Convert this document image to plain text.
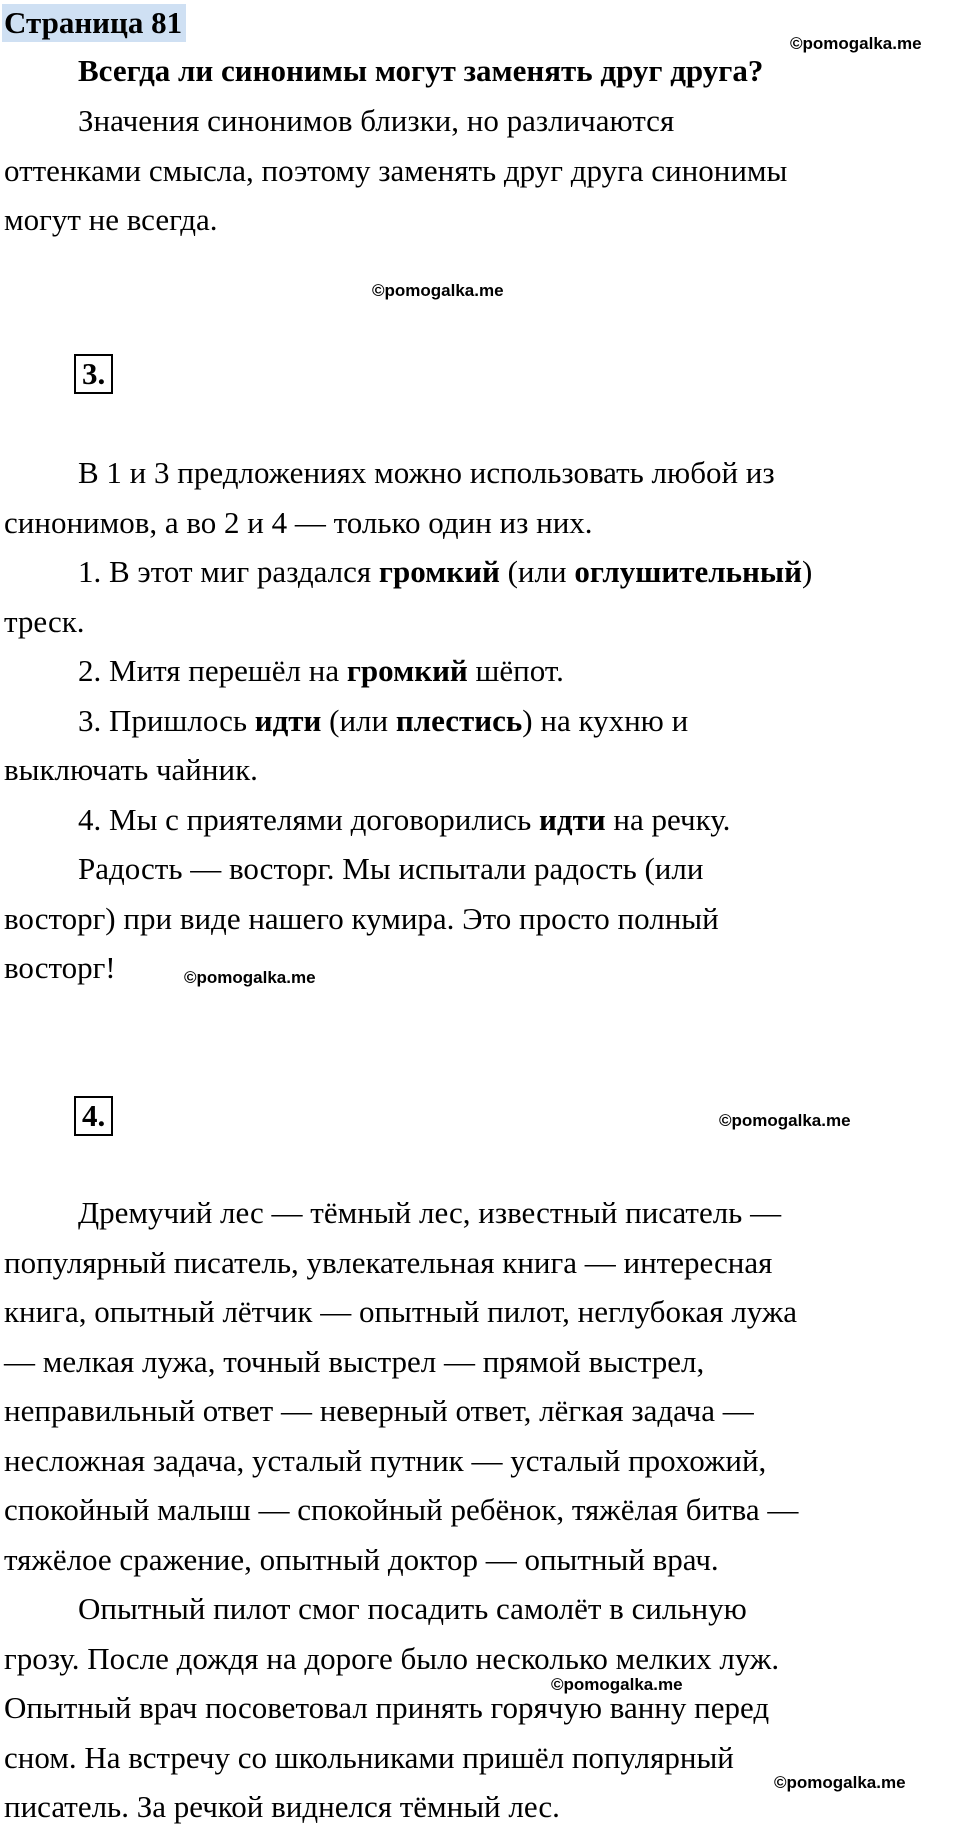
Страница 81
©pomogalka.me

Всегда ли синонимы могут заменять друг друга?

Значения синонимов близки, но различаются
оттенками смысла, поэтому заменять друг друга синонимы
могут не всегда.
©pomogalka.me
3.
В 1 и 3 предложениях можно использовать любой из
синонимов, а во 2 и 4 — только один из них.
1. В этот миг раздался громкий (или оглушительный)
треск.
2. Митя перешёл на громкий шёпот.
3. Пришлось идти (или плестись) на кухню и
выключать чайник.
4. Мы с приятелями договорились идти на речку.
Радость — восторг. Мы испытали радость (или
восторг) при виде нашего кумира. Это просто полный
восторг!	©pomogalka.me
4.	©pomogalka.me
Дремучий лес — тёмный лес, известный писатель —
популярный писатель, увлекательная книга — интересная
книга, опытный лётчик — опытный пилот, неглубокая лужа
— мелкая лужа, точный выстрел — прямой выстрел,
неправильный ответ — неверный ответ, лёгкая задача —
несложная задача, усталый путник — усталый прохожий,
спокойный малыш — спокойный ребёнок, тяжёлая битва —
тяжёлое сражение, опытный доктор — опытный врач.
Опытный пилот смог посадить самолёт в сильную
грозу. После дождя на дороге было несколько мелких луж.
Опытный врач посоветовал принять горячую ванну перед
сном. На встречу со школьниками пришёл популярный
писатель. За речкой виднелся тёмный лес.
©pomogalka.me
©pomogalka.me
